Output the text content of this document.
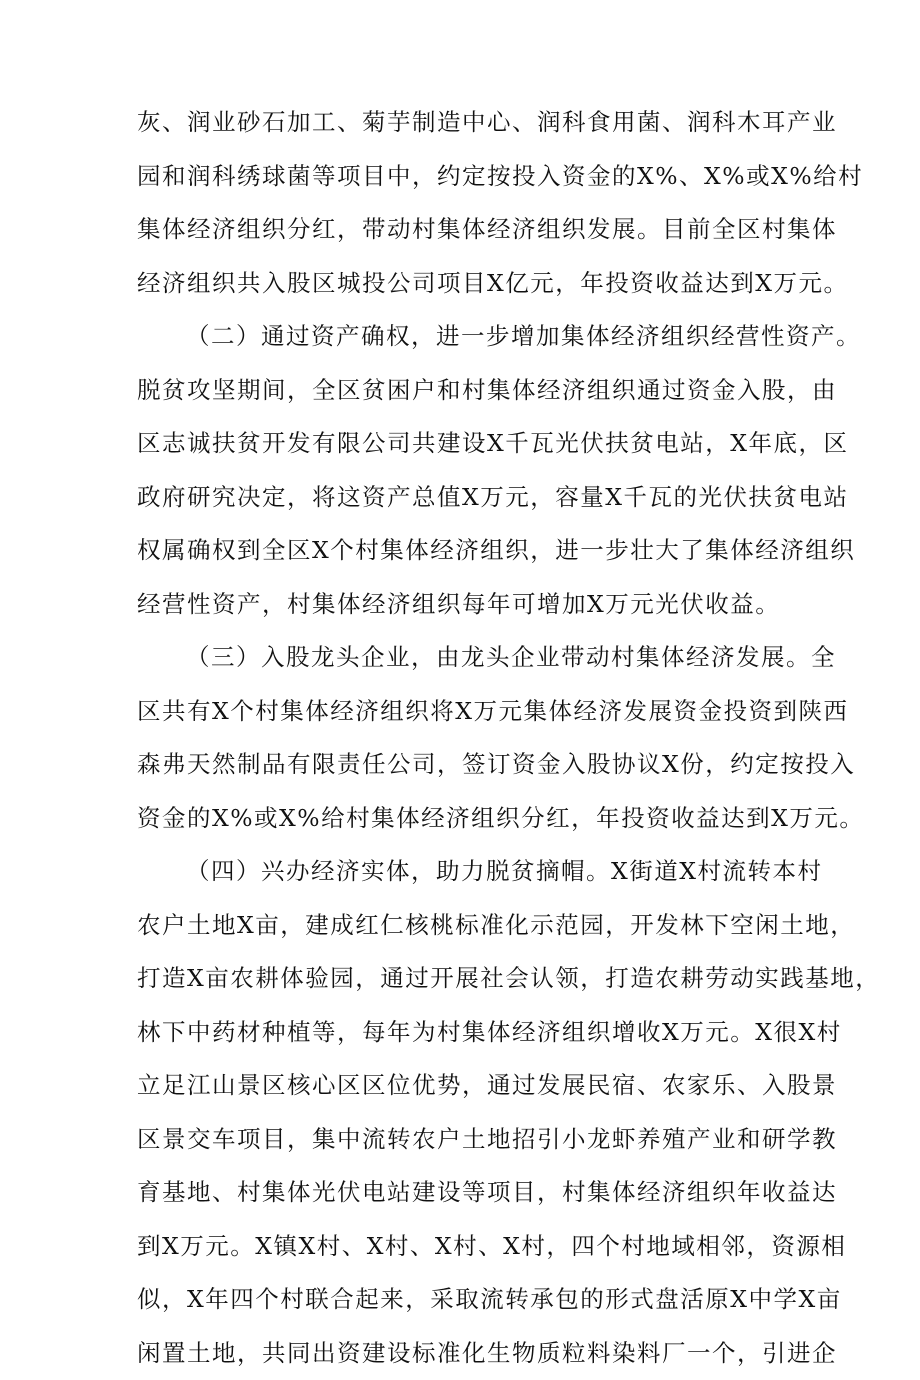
灰、润业砂石加工、菊芋制造中心、润科食用菌、润科木耳产业
园和润科绣球菌等项目中，约定按投入资金的X%、X%或X%给村
集体经济组织分红，带动村集体经济组织发展。目前全区村集体
经济组织共入股区城投公司项目X亿元，年投资收益达到X万元。
（二）通过资产确权，进一步增加集体经济组织经营性资产。
脱贫攻坚期间，全区贫困户和村集体经济组织通过资金入股，由
区志诚扶贫开发有限公司共建设X千瓦光伏扶贫电站，X年底，区
政府研究决定，将这资产总值X万元，容量X千瓦的光伏扶贫电站
权属确权到全区X个村集体经济组织，进一步壮大了集体经济组织
经营性资产，村集体经济组织每年可增加X万元光伏收益。
（三）入股龙头企业，由龙头企业带动村集体经济发展。全
区共有X个村集体经济组织将X万元集体经济发展资金投资到陕西
森弗天然制品有限责任公司，签订资金入股协议X份，约定按投入
资金的X%或X%给村集体经济组织分红，年投资收益达到X万元。
（四）兴办经济实体，助力脱贫摘帽。X街道X村流转本村
农户土地X亩，建成红仁核桃标准化示范园，开发林下空闲土地，
打造X亩农耕体验园，通过开展社会认领，打造农耕劳动实践基地，
林下中药材种植等，每年为村集体经济组织增收X万元。X很X村
立足江山景区核心区区位优势，通过发展民宿、农家乐、入股景
区景交车项目，集中流转农户土地招引小龙虾养殖产业和研学教
育基地、村集体光伏电站建设等项目，村集体经济组织年收益达
到X万元。X镇X村、X村、X村、X村，四个村地域相邻，资源相
似，X年四个村联合起来，采取流转承包的形式盘活原X中学X亩
闲置土地，共同出资建设标准化生物质粒料染料厂一个，引进企
